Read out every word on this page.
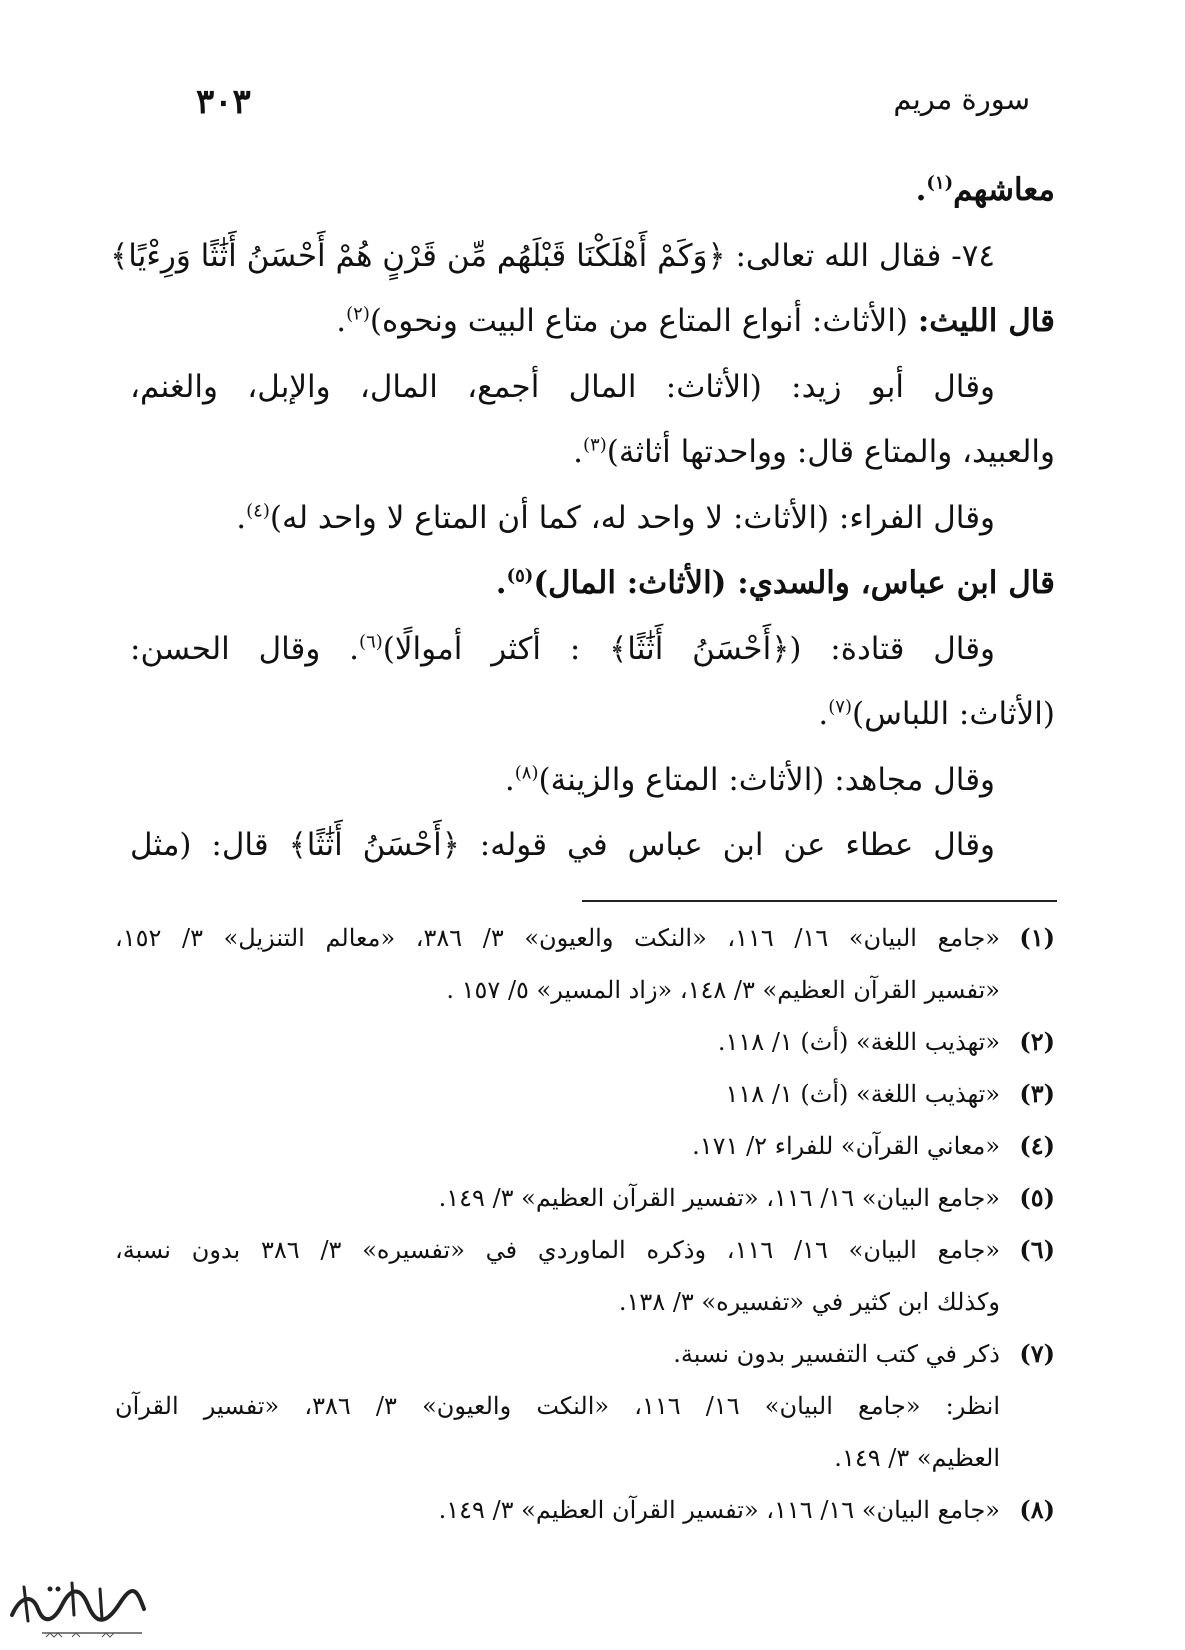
سورة مريم
٣٠٣
معاشهم$^{(١)}$.
٧٤- فقال الله تعالى: ﴿وَكَمْ أَهْلَكْنَا قَبْلَهُم مِّن قَرْنٍ هُمْ أَحْسَنُ أَثَٰثًا وَرِءْيًا﴾
قال الليث: (الأثاث: أنواع المتاع من متاع البيت ونحوه)$^{(٢)}$.
وقال أبو زيد: (الأثاث: المال أجمع، المال، والإبل، والغنم،
والعبيد، والمتاع قال: وواحدتها أثاثة)$^{(٣)}$.
وقال الفراء: (الأثاث: لا واحد له، كما أن المتاع لا واحد له)$^{(٤)}$.
قال ابن عباس، والسدي: (الأثاث: المال)$^{(٥)}$.
وقال قتادة: (﴿أَحْسَنُ أَثَٰثًا﴾ : أكثر أموالًا)$^{(٦)}$. وقال الحسن:
(الأثاث: اللباس)$^{(٧)}$.
وقال مجاهد: (الأثاث: المتاع والزينة)$^{(٨)}$.
وقال عطاء عن ابن عباس في قوله: ﴿أَحْسَنُ أَثَٰثًا﴾ قال: (مثل
(١)
«جامع البيان» ١٦/ ١١٦، «النكت والعيون» ٣/ ٣٨٦، «معالم التنزيل» ٣/ ١٥٢،
«تفسير القرآن العظيم» ٣/ ١٤٨، «زاد المسير» ٥/ ١٥٧ .
(٢)
«تهذيب اللغة» (أث) ١/ ١١٨.
(٣)
«تهذيب اللغة» (أث) ١/ ١١٨
(٤)
«معاني القرآن» للفراء ٢/ ١٧١.
(٥)
«جامع البيان» ١٦/ ١١٦، «تفسير القرآن العظيم» ٣/ ١٤٩.
(٦)
«جامع البيان» ١٦/ ١١٦، وذكره الماوردي في «تفسيره» ٣/ ٣٨٦ بدون نسبة،
وكذلك ابن كثير في «تفسيره» ٣/ ١٣٨.
(٧)
ذكر في كتب التفسير بدون نسبة.
انظر: «جامع البيان» ١٦/ ١١٦، «النكت والعيون» ٣/ ٣٨٦، «تفسير القرآن
العظيم» ٣/ ١٤٩.
(٨)
«جامع البيان» ١٦/ ١١٦، «تفسير القرآن العظيم» ٣/ ١٤٩.
